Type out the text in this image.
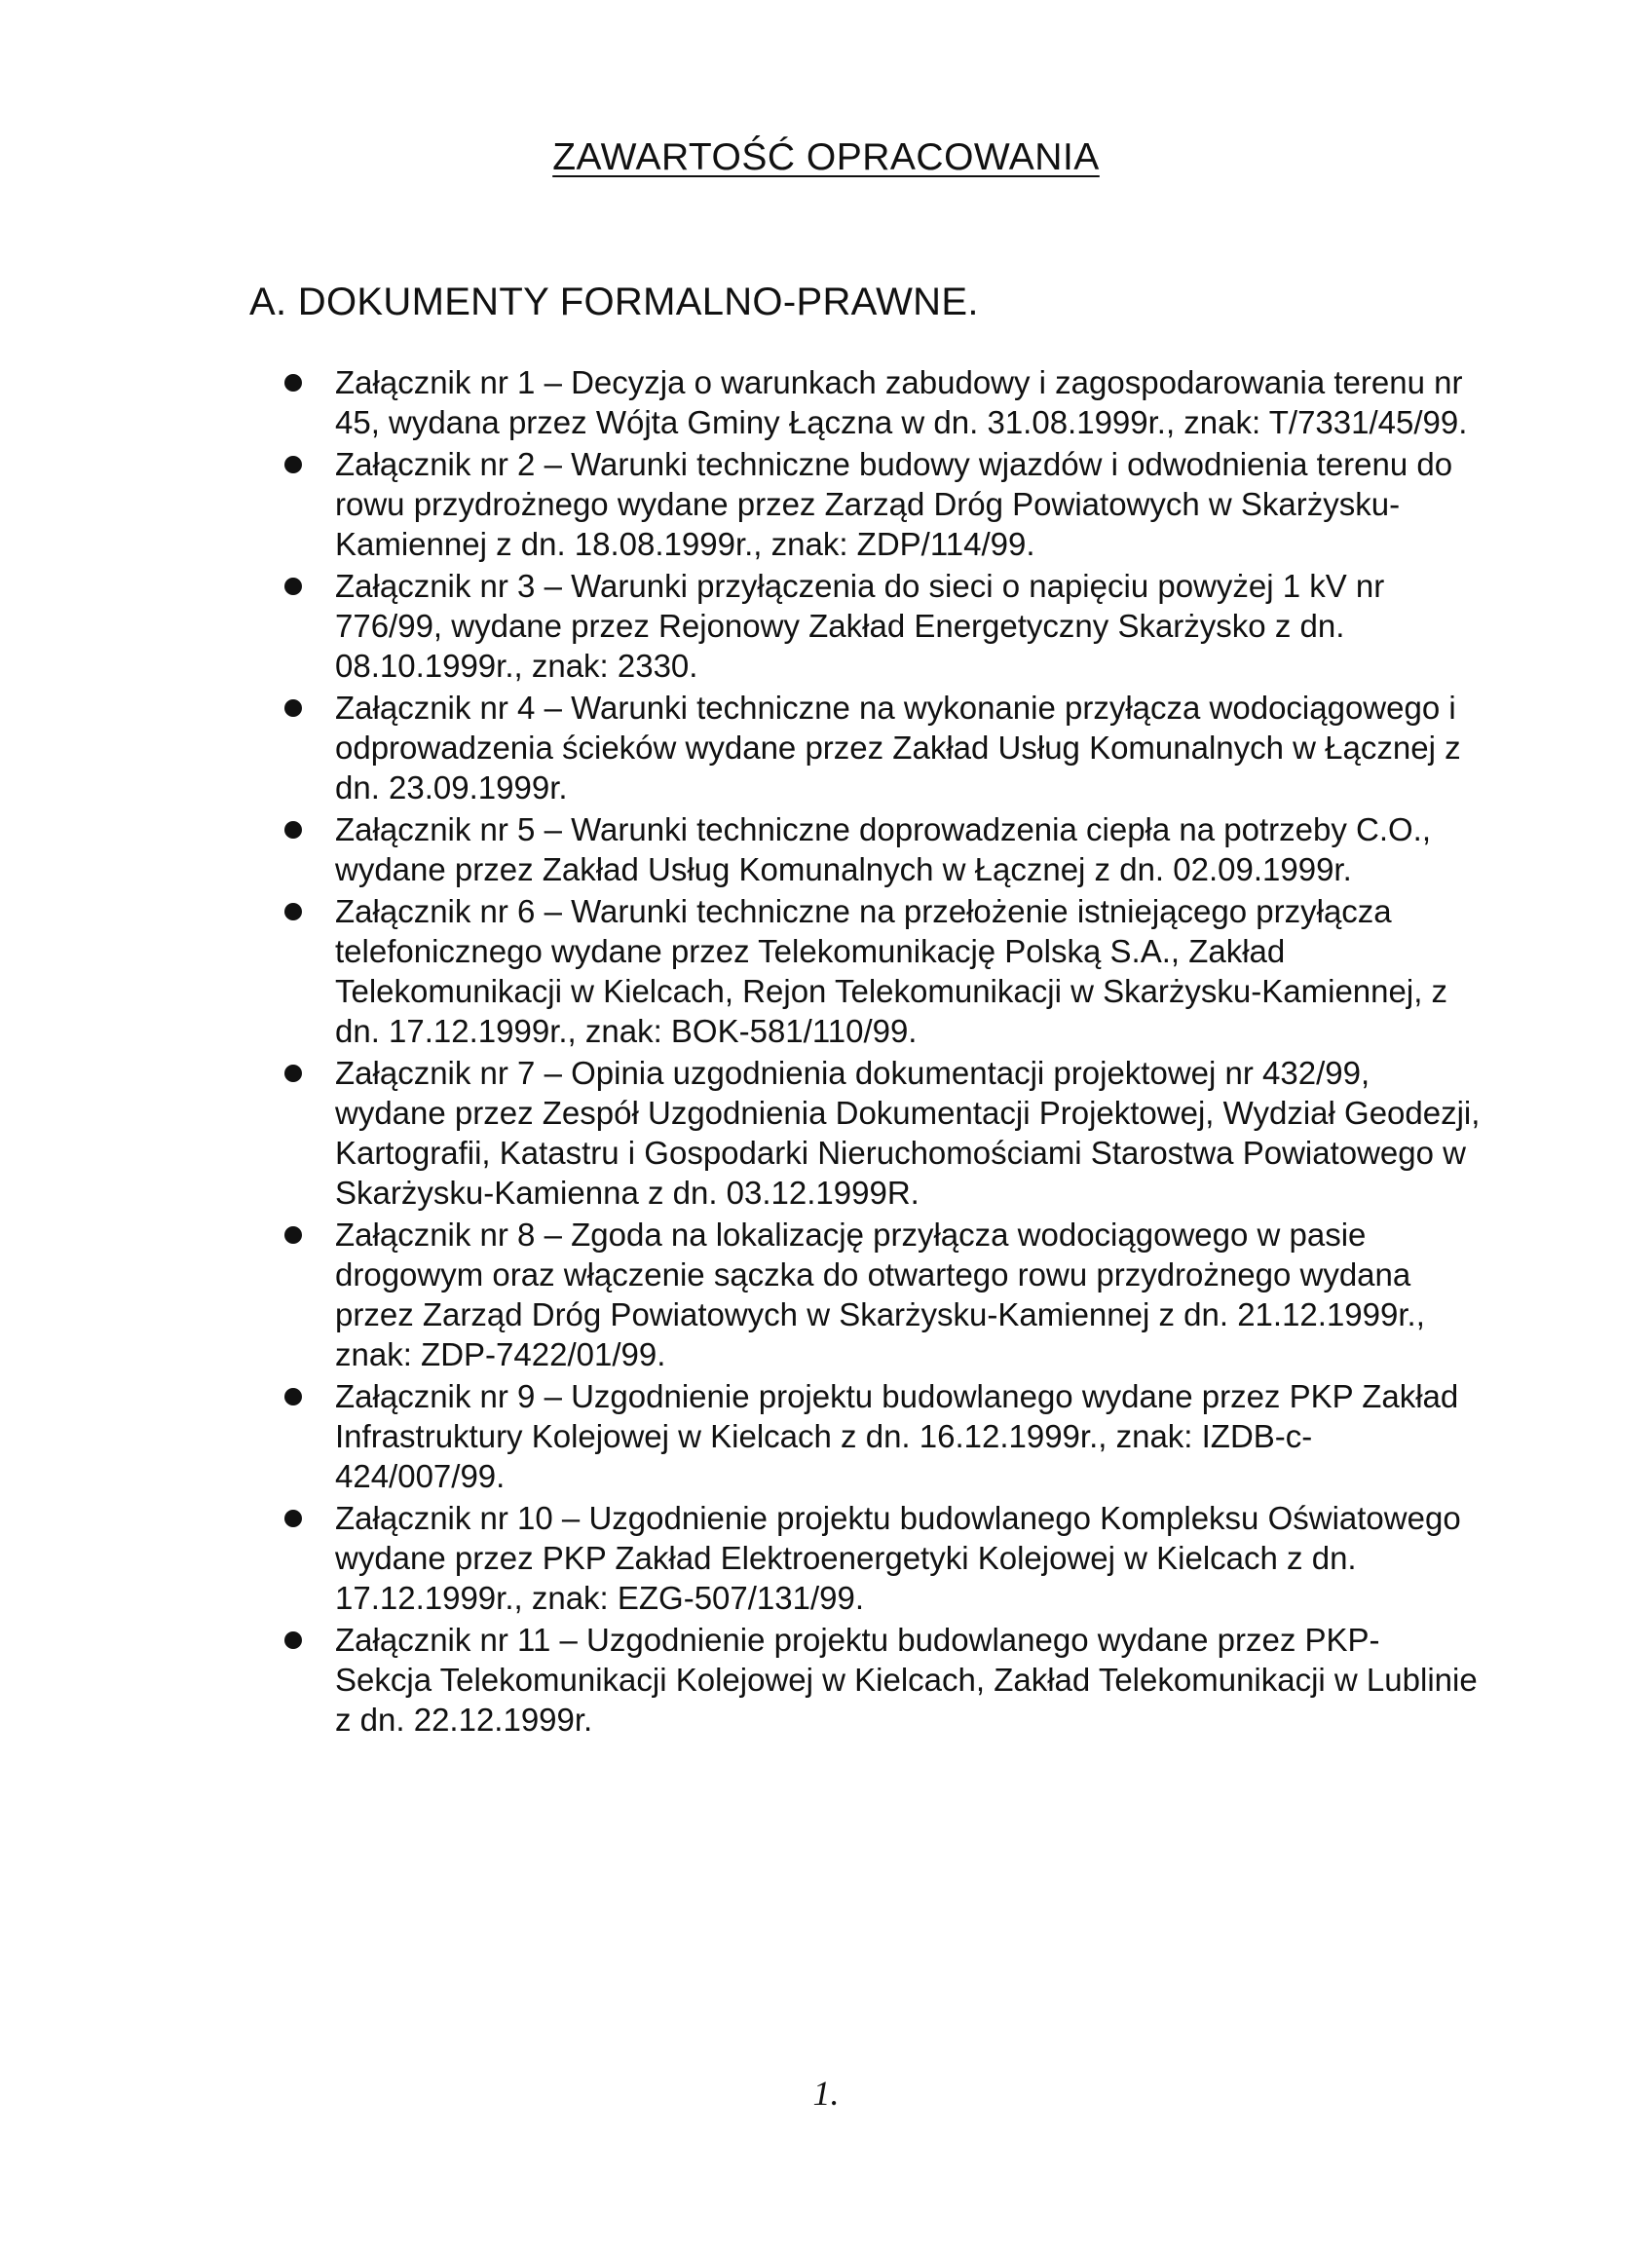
ZAWARTOŚĆ OPRACOWANIA
A. DOKUMENTY FORMALNO-PRAWNE.
Załącznik nr 1 – Decyzja o warunkach zabudowy i zagospodarowania terenu nr 45, wydana przez Wójta Gminy Łączna w dn. 31.08.1999r., znak: T/7331/45/99.
Załącznik nr 2 – Warunki techniczne budowy wjazdów i odwodnienia terenu do rowu przydrożnego wydane przez Zarząd Dróg Powiatowych w Skarżysku-Kamiennej z dn. 18.08.1999r., znak: ZDP/114/99.
Załącznik nr 3 – Warunki przyłączenia do sieci o napięciu powyżej 1 kV nr 776/99, wydane przez Rejonowy Zakład Energetyczny Skarżysko z dn. 08.10.1999r., znak: 2330.
Załącznik nr 4 – Warunki techniczne na wykonanie przyłącza wodociągowego i odprowadzenia ścieków wydane przez Zakład Usług Komunalnych w Łącznej z dn. 23.09.1999r.
Załącznik nr 5 – Warunki techniczne doprowadzenia ciepła na potrzeby C.O., wydane przez Zakład Usług Komunalnych w Łącznej z dn. 02.09.1999r.
Załącznik nr 6 – Warunki techniczne na przełożenie istniejącego przyłącza telefonicznego wydane przez Telekomunikację Polską S.A., Zakład Telekomunikacji w Kielcach, Rejon Telekomunikacji w Skarżysku-Kamiennej, z dn. 17.12.1999r., znak: BOK-581/110/99.
Załącznik nr 7 – Opinia uzgodnienia dokumentacji projektowej nr 432/99, wydane przez Zespół Uzgodnienia Dokumentacji Projektowej, Wydział Geodezji, Kartografii, Katastru i Gospodarki Nieruchomościami Starostwa Powiatowego w Skarżysku-Kamienna z dn. 03.12.1999R.
Załącznik nr 8 – Zgoda na lokalizację przyłącza wodociągowego w pasie drogowym oraz włączenie sączka do otwartego rowu przydrożnego wydana przez Zarząd Dróg Powiatowych w Skarżysku-Kamiennej z dn. 21.12.1999r., znak: ZDP-7422/01/99.
Załącznik nr 9 – Uzgodnienie projektu budowlanego wydane przez PKP Zakład Infrastruktury Kolejowej w Kielcach z dn. 16.12.1999r., znak: IZDB-c-424/007/99.
Załącznik nr 10 – Uzgodnienie projektu budowlanego Kompleksu Oświatowego wydane przez PKP Zakład Elektroenergetyki Kolejowej w Kielcach z dn. 17.12.1999r., znak: EZG-507/131/99.
Załącznik nr 11 – Uzgodnienie projektu budowlanego wydane przez PKP- Sekcja Telekomunikacji Kolejowej w Kielcach, Zakład Telekomunikacji w Lublinie z dn. 22.12.1999r.
1.
